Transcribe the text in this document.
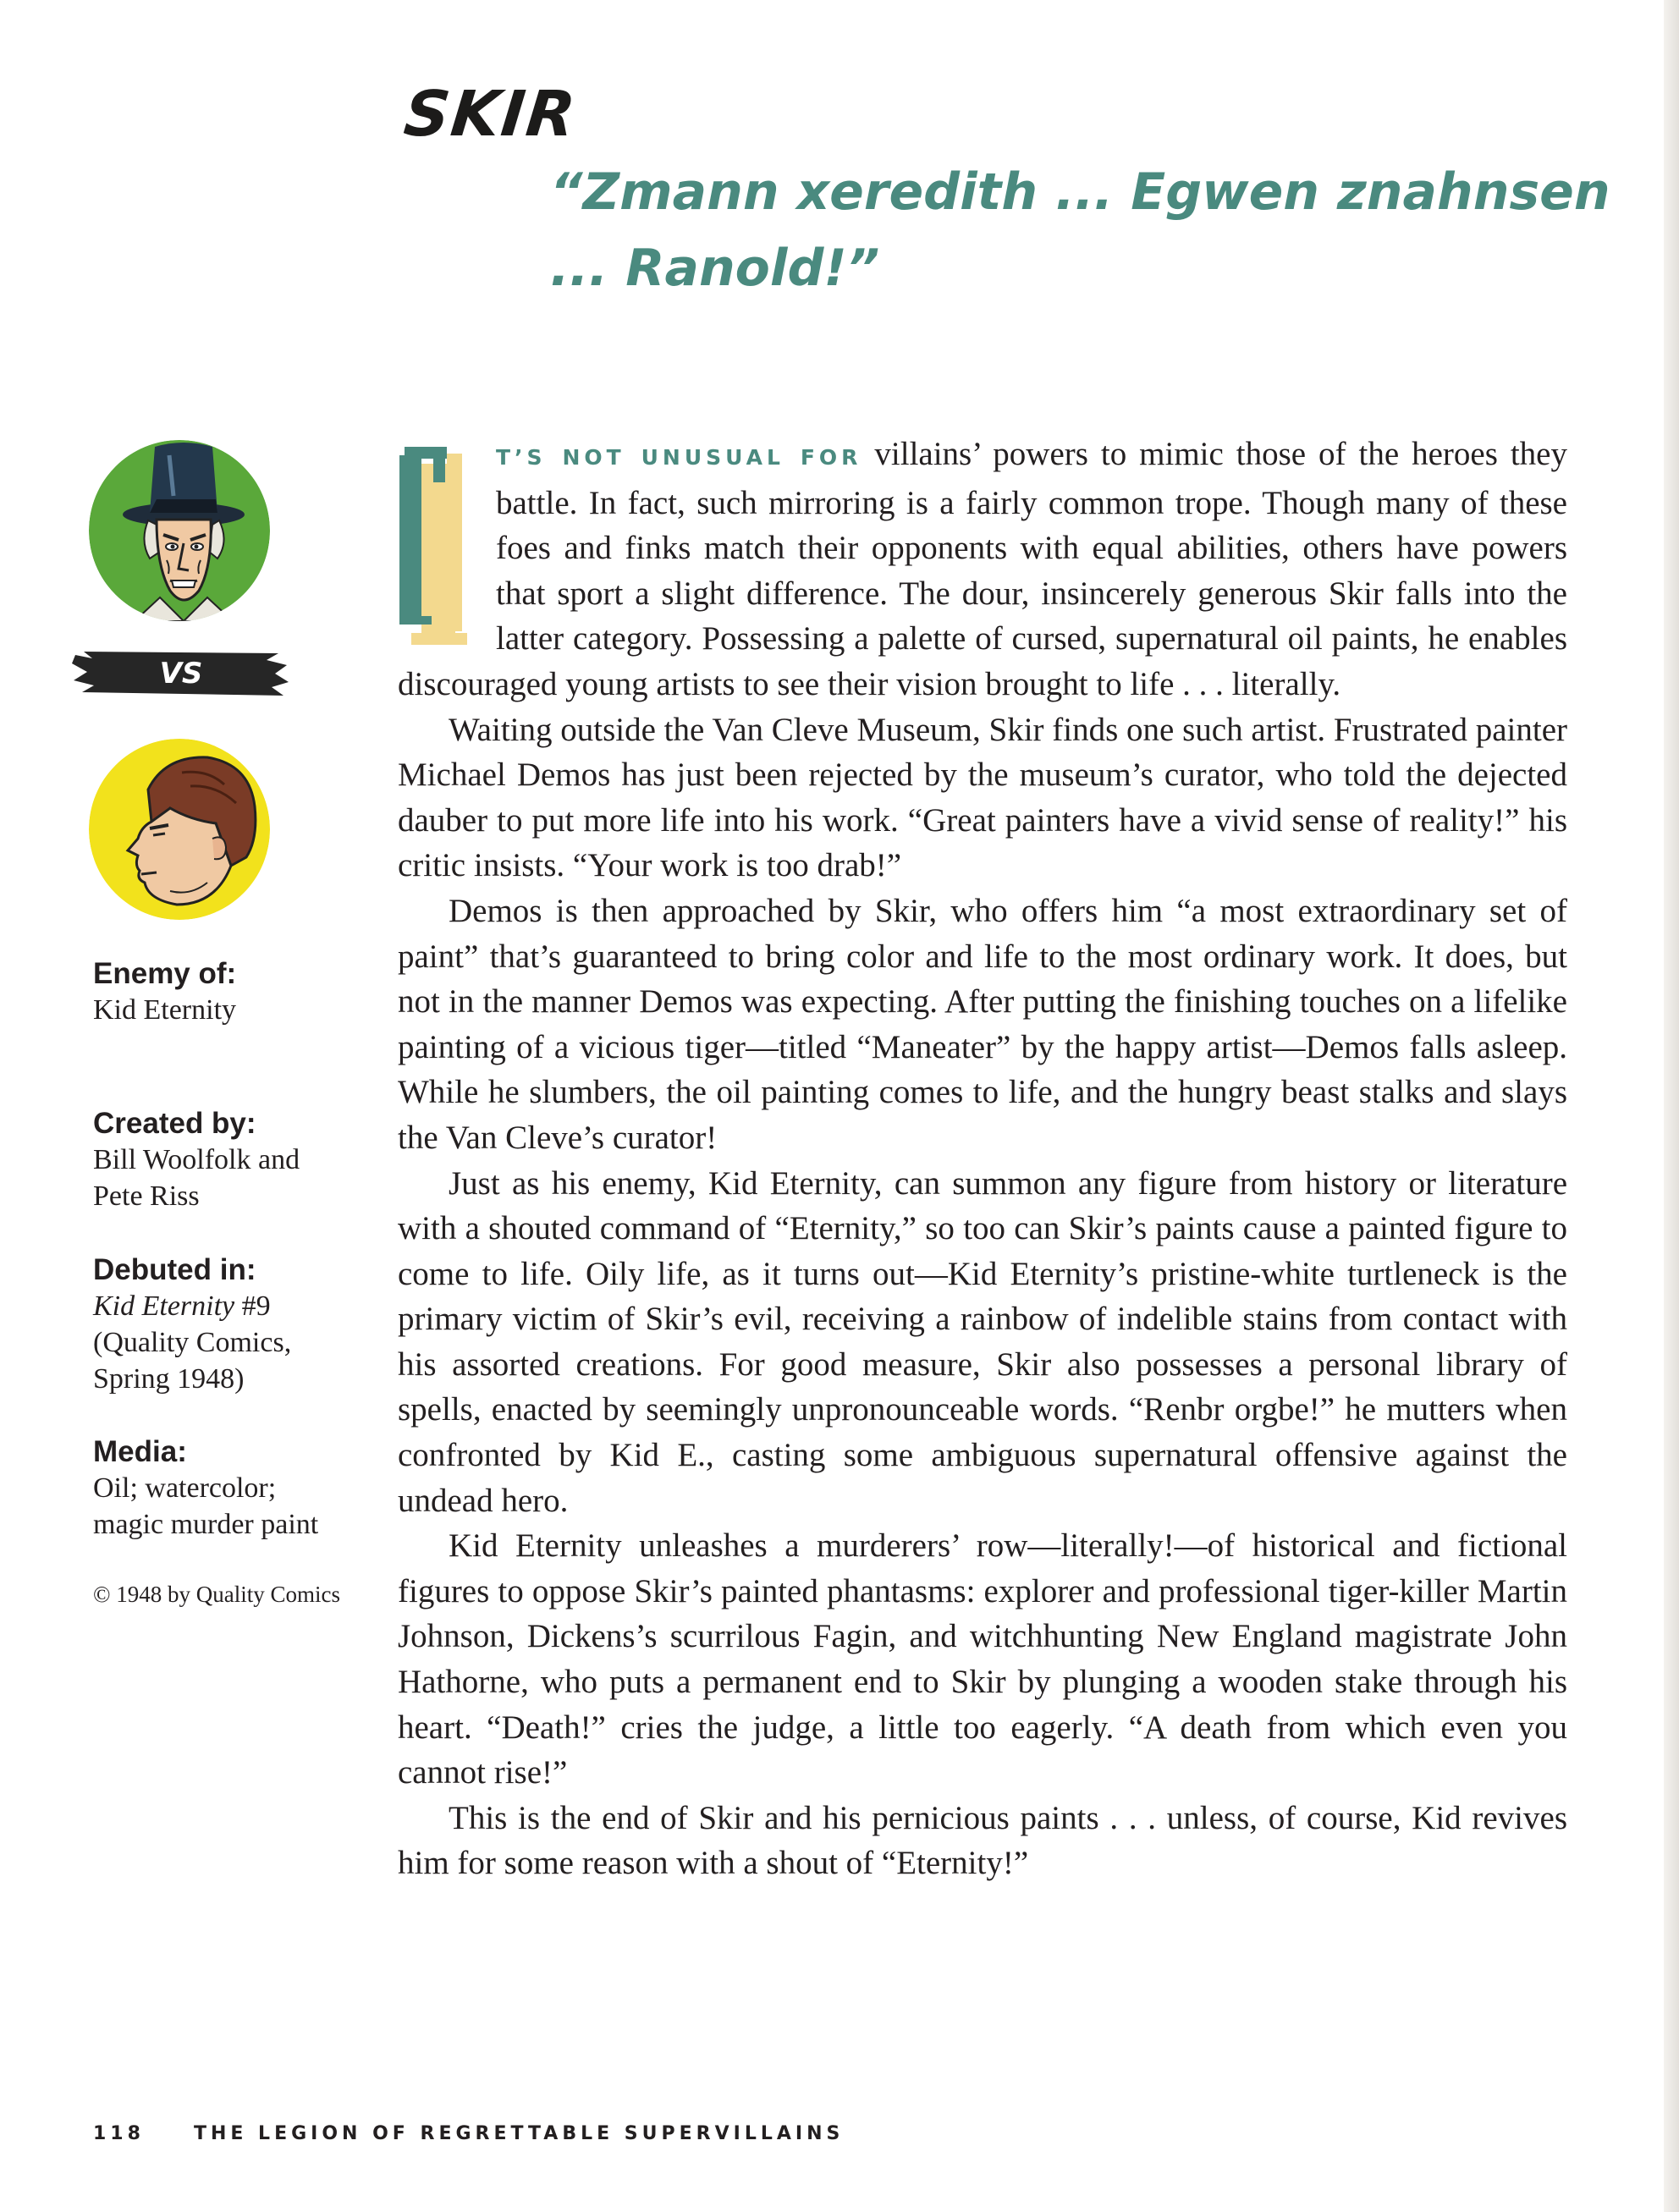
SKIR

“Zmann xeredith ... Egwen znahnsen ... Ranold!”

VS
Enemy of:
Kid Eternity
Created by:
Bill Woolfolk and
Pete Riss
Debuted in:
Kid Eternity #9
(Quality Comics,
Spring 1948)
Media:
Oil; watercolor;
magic murder paint
© 1948 by Quality Comics

T’S NOT UNUSUAL FOR villains’ powers to mimic those of the heroes they battle. In fact, such mirroring is a fairly common trope. Though many of these foes and finks match their opponents with equal abilities, others have powers that sport a slight difference. The dour, insincerely generous Skir falls into the latter category. Possessing a palette of cursed, supernatural oil paints, he enables discouraged young artists to see their vision brought to life . . . literally.

Waiting outside the Van Cleve Museum, Skir finds one such artist. Frustrated painter Michael Demos has just been rejected by the museum’s curator, who told the dejected dauber to put more life into his work. “Great painters have a vivid sense of reality!” his critic insists. “Your work is too drab!”

Demos is then approached by Skir, who offers him “a most extraordinary set of paint” that’s guaranteed to bring color and life to the most ordinary work. It does, but not in the manner Demos was expecting. After putting the finishing touches on a lifelike painting of a vicious tiger—titled “Maneater” by the happy artist—Demos falls asleep. While he slumbers, the oil painting comes to life, and the hungry beast stalks and slays the Van Cleve’s curator!

Just as his enemy, Kid Eternity, can summon any figure from history or literature with a shouted command of “Eternity,” so too can Skir’s paints cause a painted figure to come to life. Oily life, as it turns out—Kid Eternity’s pristine-white turtleneck is the primary victim of Skir’s evil, receiving a rainbow of indelible stains from contact with his assorted creations. For good measure, Skir also possesses a personal library of spells, enacted by seemingly unpronounceable words. “Renbr orgbe!” he mutters when confronted by Kid E., casting some ambiguous supernatural offensive against the undead hero.

Kid Eternity unleashes a murderers’ row—literally!—of historical and fictional figures to oppose Skir’s painted phantasms: explorer and professional tiger-killer Martin Johnson, Dickens’s scurrilous Fagin, and witchhunting New England magistrate John Hathorne, who puts a permanent end to Skir by plunging a wooden stake through his heart. “Death!” cries the judge, a little too eagerly. “A death from which even you cannot rise!”

This is the end of Skir and his pernicious paints . . . unless, of course, Kid revives him for some reason with a shout of “Eternity!”

118	THE LEGION OF REGRETTABLE SUPERVILLAINS
